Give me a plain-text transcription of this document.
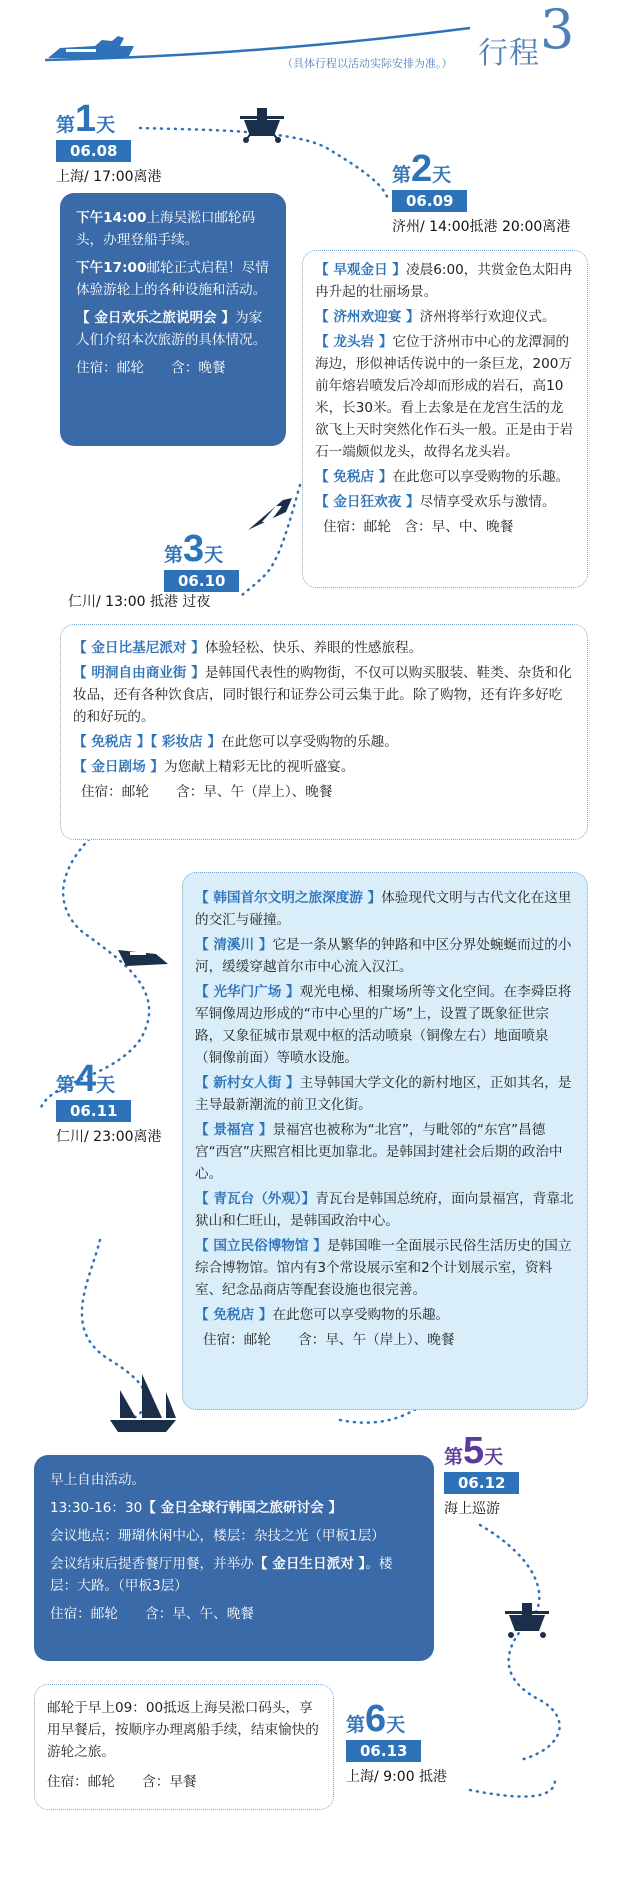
（具体行程以活动实际安排为准。） 行程 3
第1天
06.08
上海/ 17:00离港	第2天
06.09
济州/ 14:00抵港 20:00离港

下午14:00上海吴淞口邮轮码头，办理登船手续。

下午17:00邮轮正式启程！尽情体验游轮上的各种设施和活动。

【 金日欢乐之旅说明会 】为家人们介绍本次旅游的具体情况。

住宿：邮轮　　含：晚餐

【 早观金日 】凌晨6:00，共赏金色太阳冉冉升起的壮丽场景。

【 济州欢迎宴 】济州将举行欢迎仪式。

【 龙头岩 】它位于济州市中心的龙潭洞的海边，形似神话传说中的一条巨龙，200万前年熔岩喷发后冷却而形成的岩石，高10米，长30米。看上去象是在龙宫生活的龙欲飞上天时突然化作石头一般。正是由于岩石一端颇似龙头，故得名龙头岩。

【 免税店 】在此您可以享受购物的乐趣。

【 金日狂欢夜 】尽情享受欢乐与激情。

住宿：邮轮　含：早、中、晚餐

第3天
06.10
仁川/ 13:00 抵港 过夜

【 金日比基尼派对 】体验轻松、快乐、养眼的性感旅程。

【 明洞自由商业街 】是韩国代表性的购物街，不仅可以购买服装、鞋类、杂货和化妆品，还有各种饮食店，同时银行和证券公司云集于此。除了购物，还有许多好吃的和好玩的。

【 免税店 】【 彩妆店 】在此您可以享受购物的乐趣。

【 金日剧场 】为您献上精彩无比的视听盛宴。

住宿：邮轮　　含：早、午（岸上）、晚餐

【 韩国首尔文明之旅深度游 】体验现代文明与古代文化在这里的交汇与碰撞。

【 清溪川 】它是一条从繁华的钟路和中区分界处蜿蜒而过的小河，缓缓穿越首尔市中心流入汉江。

【 光华门广场 】观光电梯、相聚场所等文化空间。在李舜臣将军铜像周边形成的“市中心里的广场”上，设置了既象征世宗路，又象征城市景观中枢的活动喷泉（铜像左右）地面喷泉（铜像前面）等喷水设施。

【 新村女人街 】主导韩国大学文化的新村地区，正如其名，是主导最新潮流的前卫文化街。

【 景福宫 】景福宫也被称为“北宫”，与毗邻的“东宫”昌德宫“西宫”庆熙宫相比更加靠北。是韩国封建社会后期的政治中心。

【 青瓦台（外观）】青瓦台是韩国总统府，面向景福宫，背靠北狱山和仁旺山，是韩国政治中心。

【 国立民俗博物馆 】是韩国唯一全面展示民俗生活历史的国立综合博物馆。馆内有3个常设展示室和2个计划展示室，资料室、纪念品商店等配套设施也很完善。

【 免税店 】在此您可以享受购物的乐趣。

住宿：邮轮　　含：早、午（岸上）、晚餐

第4天
06.11
仁川/ 23:00离港
第5天
06.12
海上巡游

早上自由活动。

13:30-16：30【 金日全球行韩国之旅研讨会 】

会议地点：珊瑚休闲中心，楼层：杂技之光（甲板1层）

会议结束后提香餐厅用餐，并举办【 金日生日派对 】。楼层：大路。（甲板3层）

住宿：邮轮　　含：早、午、晚餐

邮轮于早上09：00抵返上海吴淞口码头，享用早餐后，按顺序办理离船手续，结束愉快的游轮之旅。

住宿：邮轮　　含：早餐

第6天
06.13
上海/ 9:00 抵港
